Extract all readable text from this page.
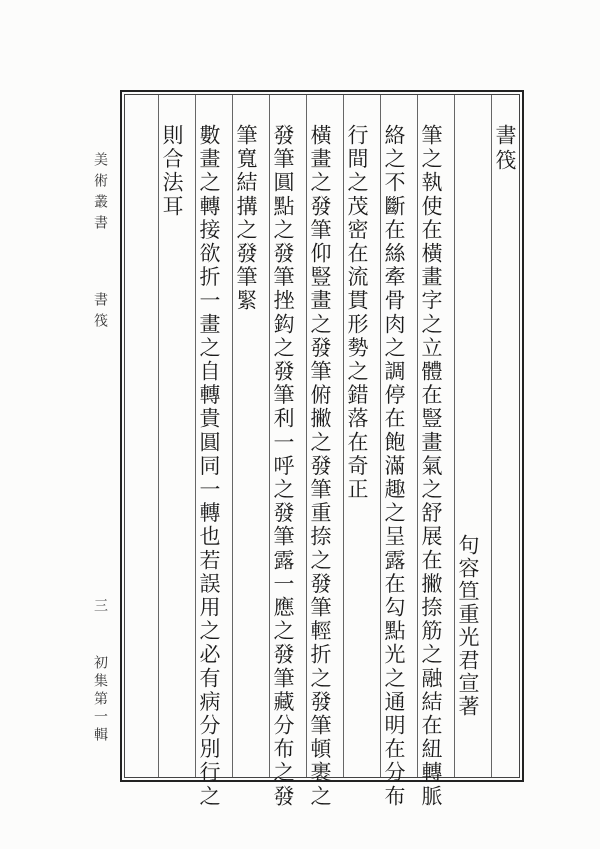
美術叢書
書筏
三
初集第一輯
書筏
句容笪重光君宣著
筆之執使在橫畫字之立體在豎畫氣之舒展在撇捺筋之融結在紐轉脈
絡之不斷在絲牽骨肉之調停在飽滿趣之呈露在勾點光之通明在分布
行間之茂密在流貫形勢之錯落在奇正
橫畫之發筆仰豎畫之發筆俯撇之發筆重捺之發筆輕折之發筆頓裹之
發筆圓點之發筆挫鈎之發筆利一呼之發筆露一應之發筆藏分布之發
筆寬結搆之發筆緊
數畫之轉接欲折一畫之自轉貴圓同一轉也若誤用之必有病分別行之
則合法耳
